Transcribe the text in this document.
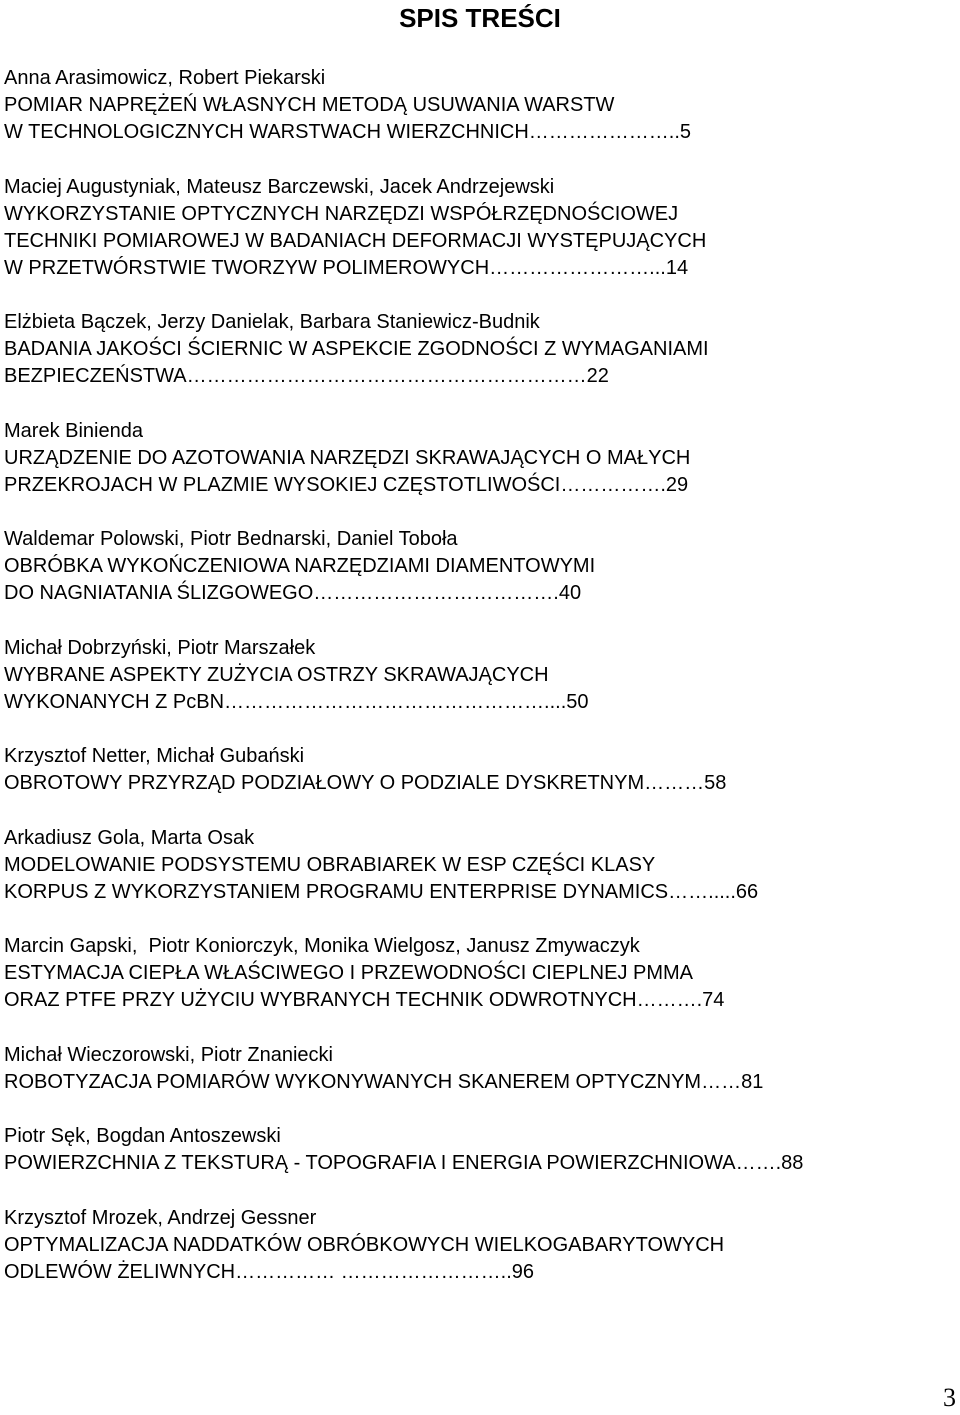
SPIS TREŚCI
Anna Arasimowicz, Robert Piekarski
POMIAR NAPRĘŻEŃ WŁASNYCH METODĄ USUWANIA WARSTW
W TECHNOLOGICZNYCH WARSTWACH WIERZCHNICH…………………..5
Maciej Augustyniak, Mateusz Barczewski, Jacek Andrzejewski
WYKORZYSTANIE OPTYCZNYCH NARZĘDZI WSPÓŁRZĘDNOŚCIOWEJ
TECHNIKI POMIAROWEJ W BADANIACH DEFORMACJI WYSTĘPUJĄCYCH
W PRZETWÓRSTWIE TWORZYW POLIMEROWYCH……………………...14
Elżbieta Bączek, Jerzy Danielak, Barbara Staniewicz-Budnik
BADANIA JAKOŚCI ŚCIERNIC W ASPEKCIE ZGODNOŚCI Z WYMAGANIAMI
BEZPIECZEŃSTWA……………………………………………………22
Marek Binienda
URZĄDZENIE DO AZOTOWANIA NARZĘDZI SKRAWAJĄCYCH O MAŁYCH
PRZEKROJACH W PLAZMIE WYSOKIEJ CZĘSTOTLIWOŚCI…………….29
Waldemar Polowski, Piotr Bednarski, Daniel Toboła
OBRÓBKA WYKOŃCZENIOWA NARZĘDZIAMI DIAMENTOWYMI
DO NAGNIATANIA ŚLIZGOWEGO……………………………….40
Michał Dobrzyński, Piotr Marszałek
WYBRANE ASPEKTY ZUŻYCIA OSTRZY SKRAWAJĄCYCH
WYKONANYCH Z PcBN…………………………………………....50
Krzysztof Netter, Michał Gubański
OBROTOWY PRZYRZĄD PODZIAŁOWY O PODZIALE DYSKRETNYM………58
Arkadiusz Gola, Marta Osak
MODELOWANIE PODSYSTEMU OBRABIAREK W ESP CZĘŚCI KLASY
KORPUS Z WYKORZYSTANIEM PROGRAMU ENTERPRISE DYNAMICS…….....66
Marcin Gapski,  Piotr Koniorczyk, Monika Wielgosz, Janusz Zmywaczyk
ESTYMACJA CIEPŁA WŁAŚCIWEGO I PRZEWODNOŚCI CIEPLNEJ PMMA
ORAZ PTFE PRZY UŻYCIU WYBRANYCH TECHNIK ODWROTNYCH……….74
Michał Wieczorowski, Piotr Znaniecki
ROBOTYZACJA POMIARÓW WYKONYWANYCH SKANEREM OPTYCZNYM……81
Piotr Sęk, Bogdan Antoszewski
POWIERZCHNIA Z TEKSTURĄ - TOPOGRAFIA I ENERGIA POWIERZCHNIOWA…….88
Krzysztof Mrozek, Andrzej Gessner
OPTYMALIZACJA NADDATKÓW OBRÓBKOWYCH WIELKOGABARYTOWYCH
ODLEWÓW ŻELIWNYCH…………… ……………………..96
3
